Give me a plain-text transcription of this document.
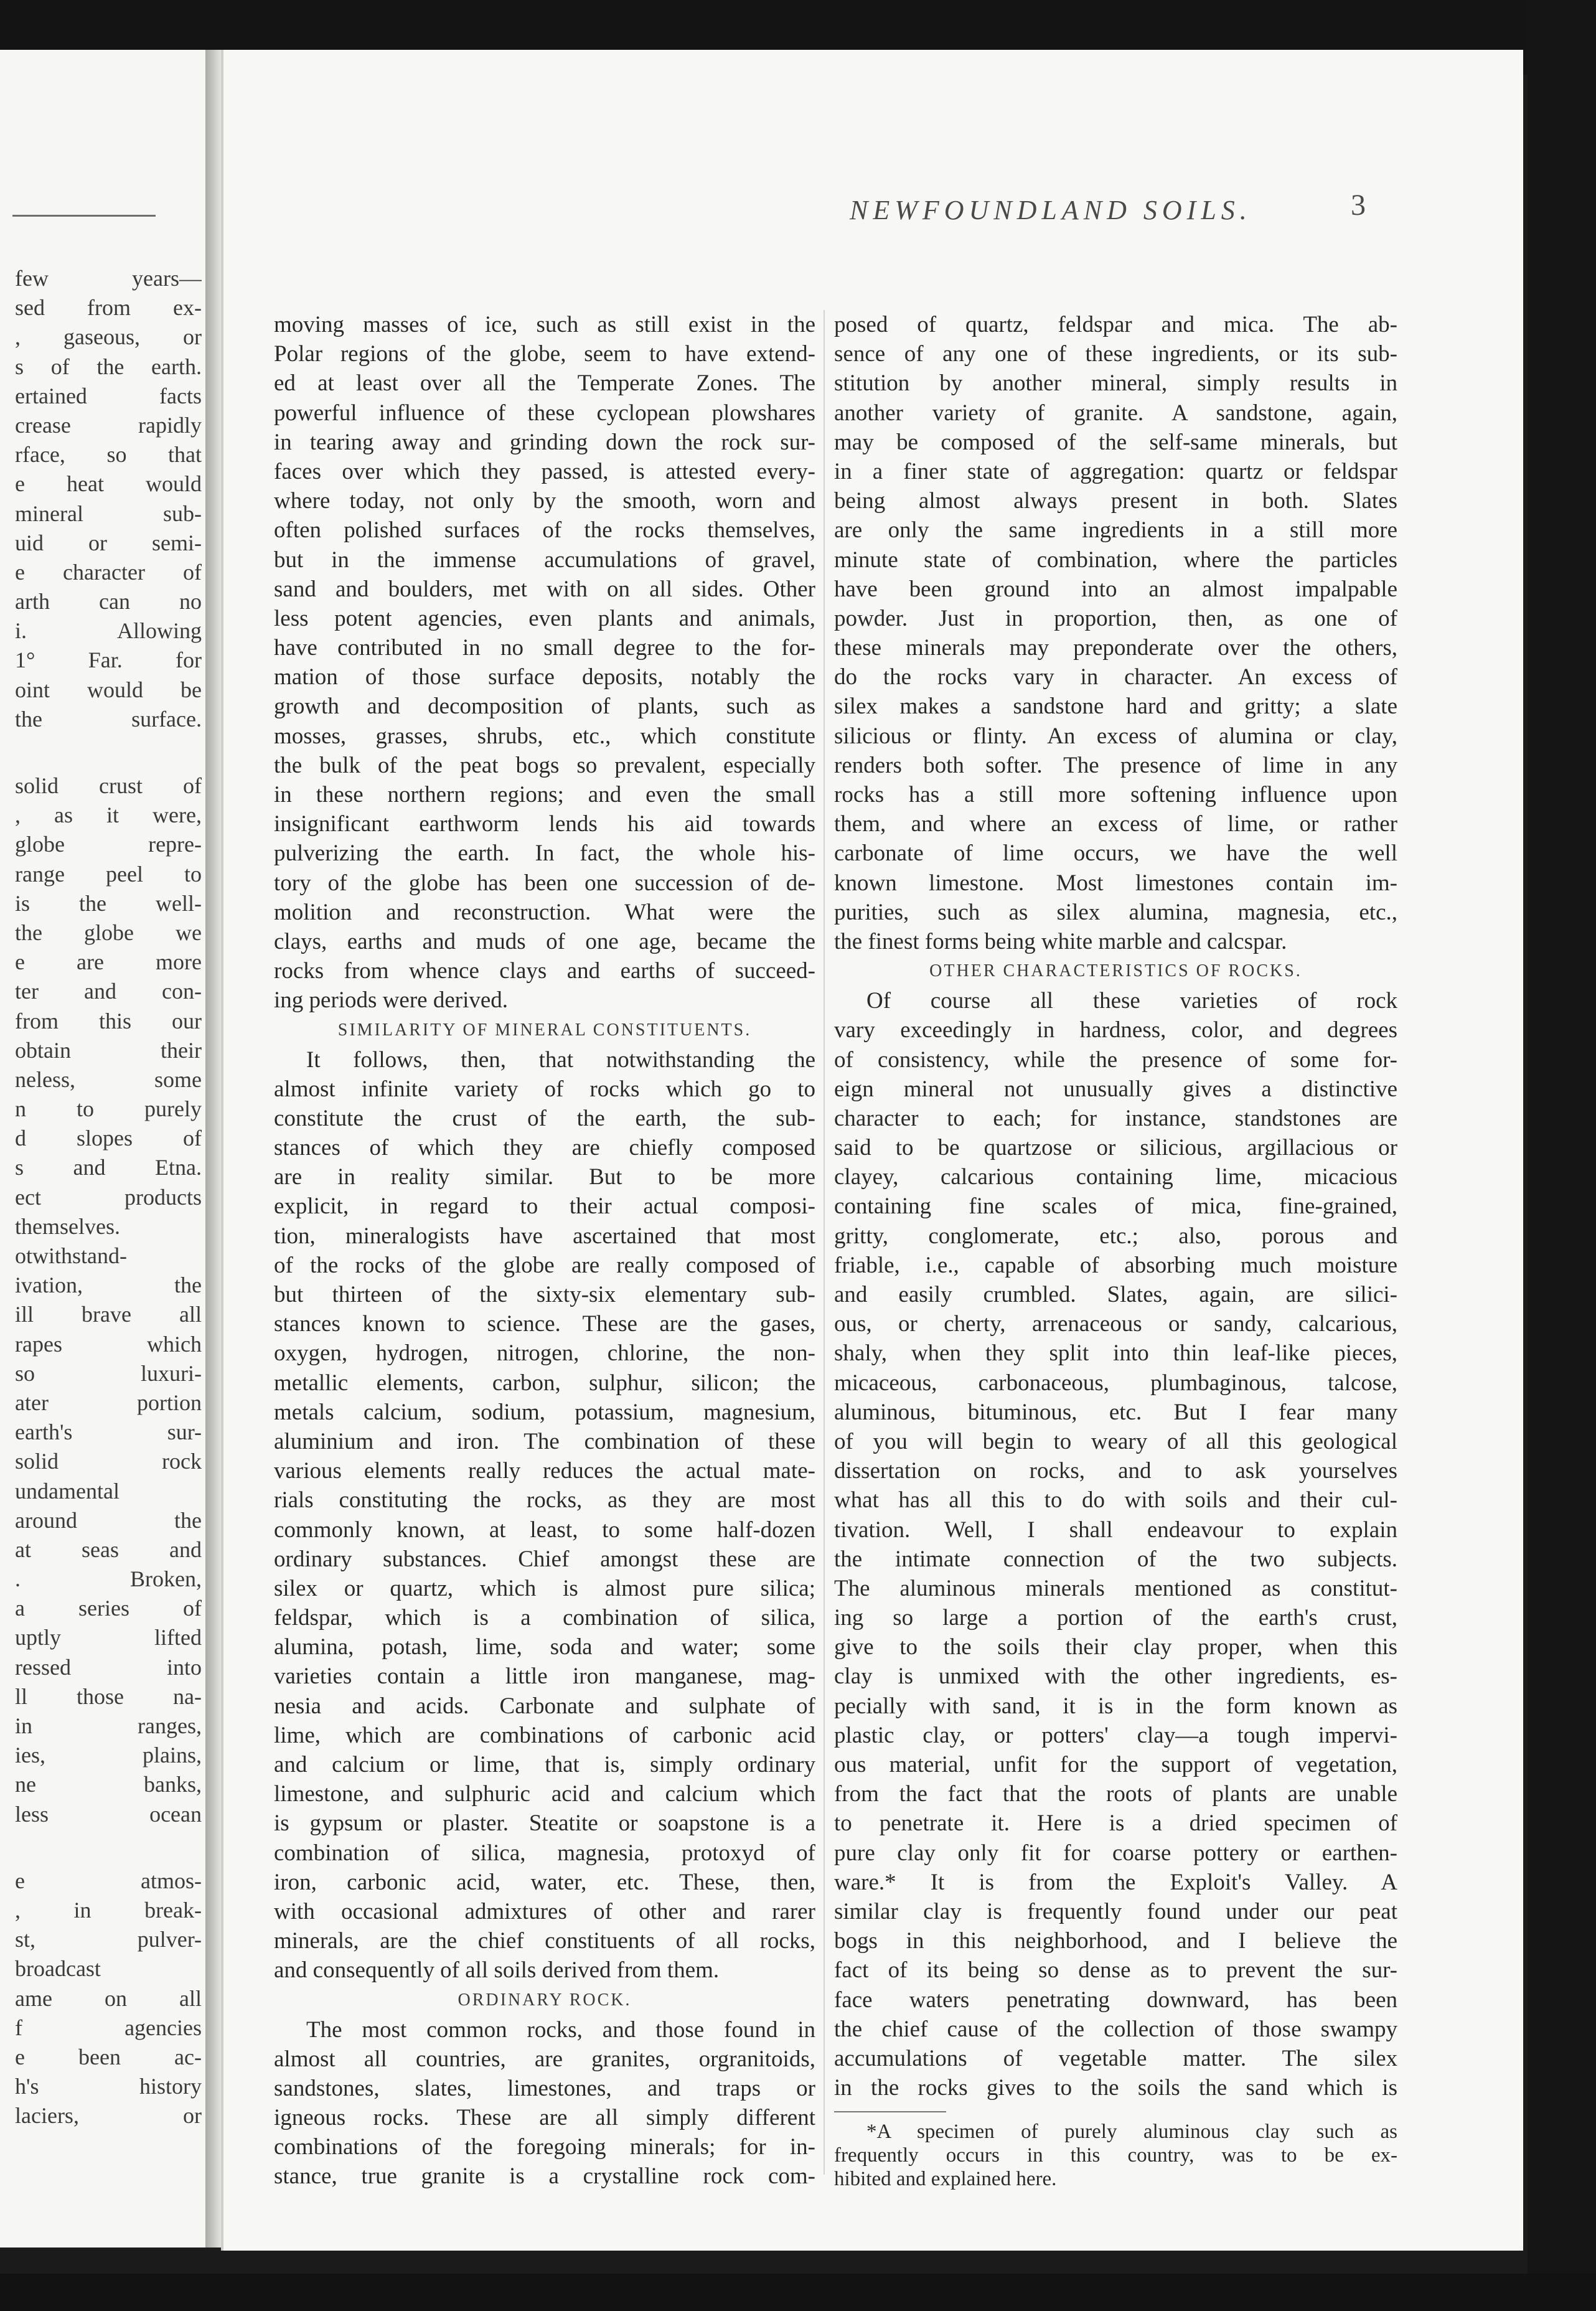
few years—
sed from ex-
, gaseous, or
s of the earth.
ertained facts
crease rapidly
rface, so that
e heat would
mineral sub-
uid or semi-
e character of
arth can no
i. Allowing
1° Far. for
oint would be
the surface.
solid crust of
, as it were,
globe repre-
range peel to
is the well-
the globe we
e are more
ter and con-
from this our
obtain their
neless, some
n to purely
d slopes of
s and Etna.
ect products
themselves.
otwithstand-
ivation, the
ill brave all
rapes which
so luxuri-
ater portion
earth's sur-
solid rock
undamental
around the
at seas and
. Broken,
a series of
uptly lifted
ressed into
ll those na-
in ranges,
ies, plains,
ne banks,
less ocean
e atmos-
, in break-
st, pulver-
broadcast
ame on all
f agencies
e been ac-
h's history
laciers, or
NEWFOUNDLAND SOILS.	3
moving masses of ice, such as still exist in the
Polar regions of the globe, seem to have extend-
ed at least over all the Temperate Zones. The
powerful influence of these cyclopean plowshares
in tearing away and grinding down the rock sur-
faces over which they passed, is attested every-
where today, not only by the smooth, worn and
often polished surfaces of the rocks themselves,
but in the immense accumulations of gravel,
sand and boulders, met with on all sides. Other
less potent agencies, even plants and animals,
have contributed in no small degree to the for-
mation of those surface deposits, notably the
growth and decomposition of plants, such as
mosses, grasses, shrubs, etc., which constitute
the bulk of the peat bogs so prevalent, especially
in these northern regions; and even the small
insignificant earthworm lends his aid towards
pulverizing the earth. In fact, the whole his-
tory of the globe has been one succession of de-
molition and reconstruction. What were the
clays, earths and muds of one age, became the
rocks from whence clays and earths of succeed-
ing periods were derived.
SIMILARITY OF MINERAL CONSTITUENTS.
It follows, then, that notwithstanding the
almost infinite variety of rocks which go to
constitute the crust of the earth, the sub-
stances of which they are chiefly composed
are in reality similar. But to be more
explicit, in regard to their actual composi-
tion, mineralogists have ascertained that most
of the rocks of the globe are really composed of
but thirteen of the sixty-six elementary sub-
stances known to science. These are the gases,
oxygen, hydrogen, nitrogen, chlorine, the non-
metallic elements, carbon, sulphur, silicon; the
metals calcium, sodium, potassium, magnesium,
aluminium and iron. The combination of these
various elements really reduces the actual mate-
rials constituting the rocks, as they are most
commonly known, at least, to some half-dozen
ordinary substances. Chief amongst these are
silex or quartz, which is almost pure silica;
feldspar, which is a combination of silica,
alumina, potash, lime, soda and water; some
varieties contain a little iron manganese, mag-
nesia and acids. Carbonate and sulphate of
lime, which are combinations of carbonic acid
and calcium or lime, that is, simply ordinary
limestone, and sulphuric acid and calcium which
is gypsum or plaster. Steatite or soapstone is a
combination of silica, magnesia, protoxyd of
iron, carbonic acid, water, etc. These, then,
with occasional admixtures of other and rarer
minerals, are the chief constituents of all rocks,
and consequently of all soils derived from them.
ORDINARY ROCK.
The most common rocks, and those found in
almost all countries, are granites, orgranitoids,
sandstones, slates, limestones, and traps or
igneous rocks. These are all simply different
combinations of the foregoing minerals; for in-
stance, true granite is a crystalline rock com-
posed of quartz, feldspar and mica. The ab-
sence of any one of these ingredients, or its sub-
stitution by another mineral, simply results in
another variety of granite. A sandstone, again,
may be composed of the self-same minerals, but
in a finer state of aggregation: quartz or feldspar
being almost always present in both. Slates
are only the same ingredients in a still more
minute state of combination, where the particles
have been ground into an almost impalpable
powder. Just in proportion, then, as one of
these minerals may preponderate over the others,
do the rocks vary in character. An excess of
silex makes a sandstone hard and gritty; a slate
silicious or flinty. An excess of alumina or clay,
renders both softer. The presence of lime in any
rocks has a still more softening influence upon
them, and where an excess of lime, or rather
carbonate of lime occurs, we have the well
known limestone. Most limestones contain im-
purities, such as silex alumina, magnesia, etc.,
the finest forms being white marble and calcspar.
OTHER CHARACTERISTICS OF ROCKS.
Of course all these varieties of rock
vary exceedingly in hardness, color, and degrees
of consistency, while the presence of some for-
eign mineral not unusually gives a distinctive
character to each; for instance, standstones are
said to be quartzose or silicious, argillacious or
clayey, calcarious containing lime, micacious
containing fine scales of mica, fine-grained,
gritty, conglomerate, etc.; also, porous and
friable, i.e., capable of absorbing much moisture
and easily crumbled. Slates, again, are silici-
ous, or cherty, arrenaceous or sandy, calcarious,
shaly, when they split into thin leaf-like pieces,
micaceous, carbonaceous, plumbaginous, talcose,
aluminous, bituminous, etc. But I fear many
of you will begin to weary of all this geological
dissertation on rocks, and to ask yourselves
what has all this to do with soils and their cul-
tivation. Well, I shall endeavour to explain
the intimate connection of the two subjects.
The aluminous minerals mentioned as constitut-
ing so large a portion of the earth's crust,
give to the soils their clay proper, when this
clay is unmixed with the other ingredients, es-
pecially with sand, it is in the form known as
plastic clay, or potters' clay—a tough impervi-
ous material, unfit for the support of vegetation,
from the fact that the roots of plants are unable
to penetrate it. Here is a dried specimen of
pure clay only fit for coarse pottery or earthen-
ware.* It is from the Exploit's Valley. A
similar clay is frequently found under our peat
bogs in this neighborhood, and I believe the
fact of its being so dense as to prevent the sur-
face waters penetrating downward, has been
the chief cause of the collection of those swampy
accumulations of vegetable matter. The silex
in the rocks gives to the soils the sand which is
*A specimen of purely aluminous clay such as
frequently occurs in this country, was to be ex-
hibited and explained here.
